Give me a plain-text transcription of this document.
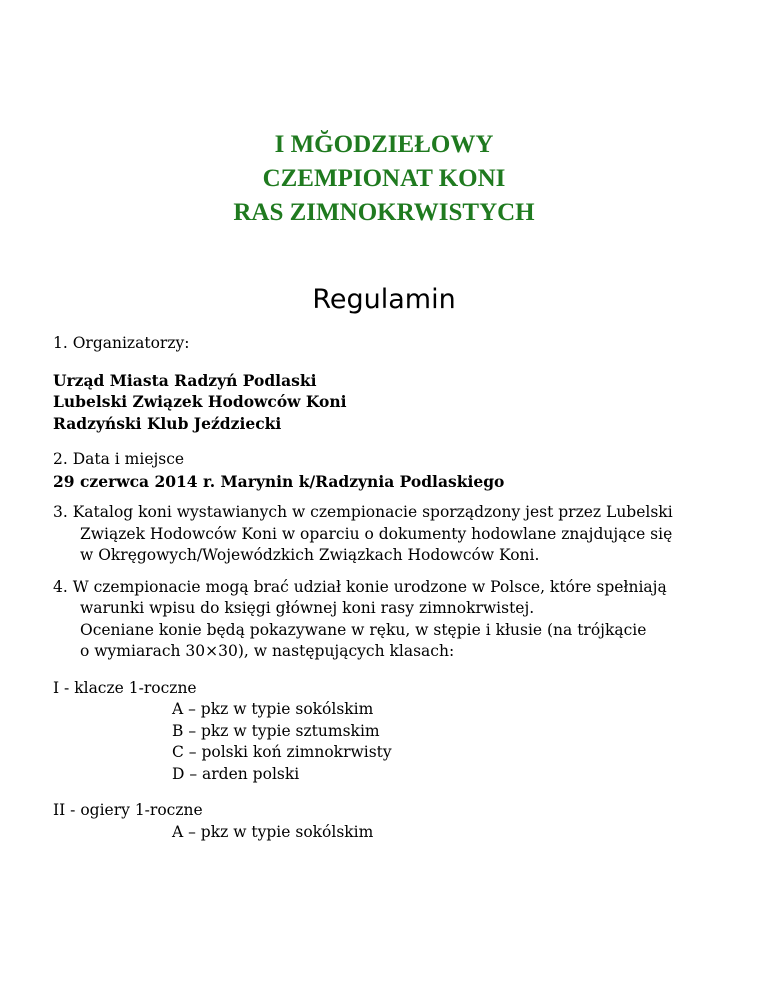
I MĞODZIEŁOWY
CZEMPIONAT KONI
RAS ZIMNOKRWISTYCH
Regulamin

1. Organizatorzy:

Urząd Miasta Radzyń Podlaski

Lubelski Związek Hodowców Koni

Radzyński Klub Jeździecki

2. Data i miejsce

29 czerwca 2014 r. Marynin k/Radzynia Podlaskiego

3. Katalog koni wystawianych w czempionacie sporządzony jest przez Lubelski

Związek Hodowców Koni w oparciu o dokumenty hodowlane znajdujące się

w Okręgowych/Wojewódzkich Związkach Hodowców Koni.

4. W czempionacie mogą brać udział konie urodzone w Polsce, które spełniają

warunki wpisu do księgi głównej koni rasy zimnokrwistej.

Oceniane konie będą pokazywane w ręku, w stępie i kłusie (na trójkącie

o wymiarach 30×30), w następujących klasach:

I - klacze 1-roczne

A – pkz w typie sokólskim

B – pkz w typie sztumskim

C – polski koń zimnokrwisty

D – arden polski

II - ogiery 1-roczne

A – pkz w typie sokólskim
